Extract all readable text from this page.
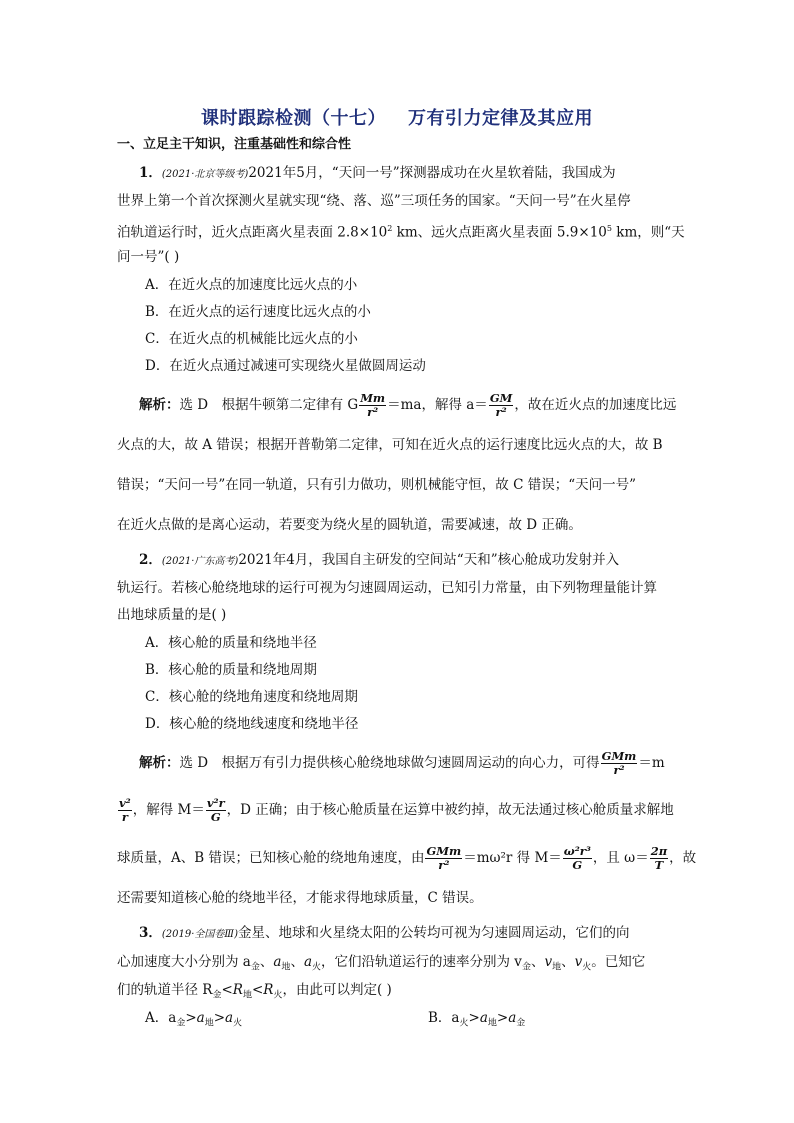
课时跟踪检测（十七） 万有引力定律及其应用
一、立足主干知识，注重基础性和综合性
1．(2021·北京等级考)2021年5月，“天问一号”探测器成功在火星软着陆，我国成为
世界上第一个首次探测火星就实现“绕、落、巡”三项任务的国家。“天问一号”在火星停
泊轨道运行时，近火点距离火星表面 $2.8\times 10^2$ km、远火点距离火星表面 $5.9\times 10^5$ km，则“天
问一号”( )
A．在近火点的加速度比远火点的小
B．在近火点的运行速度比远火点的小
C．在近火点的机械能比远火点的小
D．在近火点通过减速可实现绕火星做圆周运动
解析：选 D　根据牛顿第二定律有 G $\frac{Mm}{\text{r²}} =ma$，解得 $a= \frac{GM}{\text{r²}}$ ，故在近火点的加速度比远
火点的大，故 A 错误；根据开普勒第二定律，可知在近火点的运行速度比远火点的大，故 B
错误；“天问一号”在同一轨道，只有引力做功，则机械能守恒，故 C 错误；“天问一号”
在近火点做的是离心运动，若要变为绕火星的圆轨道，需要减速，故 D 正确。
2．(2021·广东高考)2021年4月，我国自主研发的空间站“天和”核心舱成功发射并入
轨运行。若核心舱绕地球的运行可视为匀速圆周运动，已知引力常量，由下列物理量能计算
出地球质量的是( )
A．核心舱的质量和绕地半径
B．核心舱的质量和绕地周期
C．核心舱的绕地角速度和绕地周期
D．核心舱的绕地线速度和绕地半径
解析：选 D　根据万有引力提供核心舱绕地球做匀速圆周运动的向心力，可得 $\frac{\text{GMm}}{\text{r²}} =m$
$\frac{\text{v²}}{r}$ ，解得 $M= \frac{\text{v²r}}{G}$ ，D 正确；由于核心舱质量在运算中被约掉，故无法通过核心舱质量求解地
球质量，A、B 错误；已知核心舱的绕地角速度，由 $\frac{\text{GMm}}{\text{r²}} =m\omega^2r$ 得 $M= \frac{\text{ω²r³}}{G}$ ，且 $\omega= \frac{2\pi}{T}$ ，故
还需要知道核心舱的绕地半径，才能求得地球质量，C 错误。
3．(2019·全国卷Ⅲ)金星、地球和火星绕太阳的公转均可视为匀速圆周运动，它们的向
心加速度大小分别为 $a_金$、$a_地$、$a_火$，它们沿轨道运行的速率分别为 $v_金$、$v_地$、$v_火$。已知它
们的轨道半径 $R_金<R_地<R_火$，由此可以判定( )
A．$a_金>a_地>a_火$	B．$a_火>a_地>a_金$
